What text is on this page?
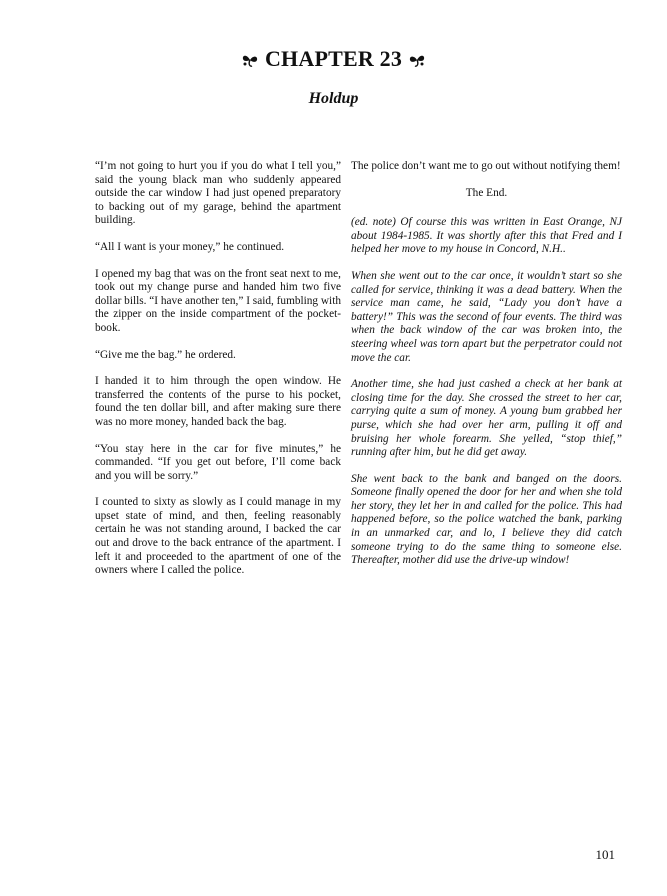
CHAPTER 23
Holdup

“I’m not going to hurt you if you do what I tell you,” said the young black man who suddenly appeared outside the car window I had just opened preparatory to backing out of my garage, behind the apartment building.

“All I want is your money,” he continued.

I opened my bag that was on the front seat next to me, took out my change purse and handed him two five dollar bills. “I have another ten,” I said, fumbling with the zipper on the inside compartment of the pocket-book.

“Give me the bag.” he ordered.

I handed it to him through the open window. He transferred the contents of the purse to his pocket, found the ten dollar bill, and after making sure there was no more money, handed back the bag.

“You stay here in the car for five minutes,” he commanded. “If you get out before, I’ll come back and you will be sorry.”

I counted to sixty as slowly as I could manage in my upset state of mind, and then, feeling reasonably certain he was not standing around, I backed the car out and drove to the back entrance of the apartment. I left it and proceeded to the apartment of one of the owners where I called the police.

The police don’t want me to go out without notifying them!

The End.

(ed. note) Of course this was written in East Orange, NJ about 1984-1985. It was shortly after this that Fred and I helped her move to my house in Concord, N.H..

When she went out to the car once, it wouldn’t start so she called for service, thinking it was a dead battery. When the service man came, he said, “Lady you don’t have a battery!” This was the second of four events. The third was when the back window of the car was broken into, the steering wheel was torn apart but the perpetrator could not move the car.

Another time, she had just cashed a check at her bank at closing time for the day. She crossed the street to her car, carrying quite a sum of money. A young bum grabbed her purse, which she had over her arm, pulling it off and bruising her whole forearm. She yelled, “stop thief,” running after him, but he did get away.

She went back to the bank and banged on the doors. Someone finally opened the door for her and when she told her story, they let her in and called for the police. This had happened before, so the police watched the bank, parking in an unmarked car, and lo, I believe they did catch someone trying to do the same thing to someone else. Thereafter, mother did use the drive-up window!

101
